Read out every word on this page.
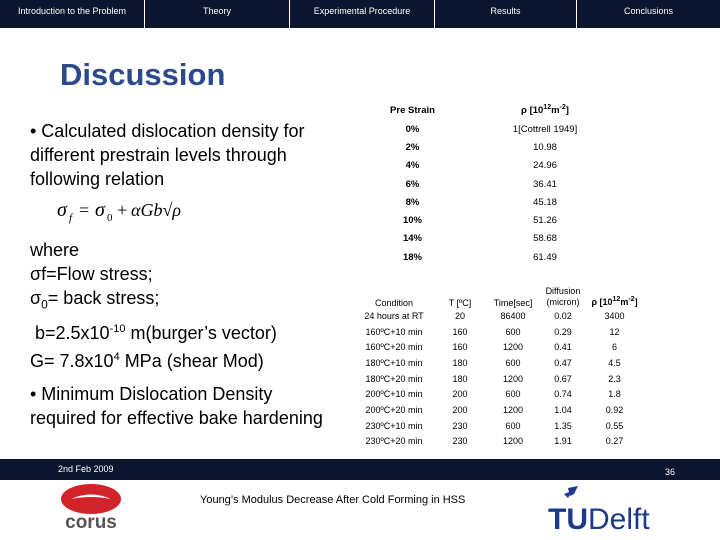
Introduction to the Problem	Theory	Experimental Procedure	Results	Conclusions
Discussion
• Calculated dislocation density for different prestrain levels through following relation
σ f = σ 0 + αGb√ρ
where
σf=Flow stress;
$\sigma_0=$ back stress;
$b=2.5x10^{-10}$ m(burger’s vector)
$G= 7.8x10^4$ MPa (shear Mod)
• Minimum Dislocation Density required for effective bake hardening
Pre Strain	ρ $[10^{12}m^{-2}]$
0%	1[Cottrell 1949]
2%	10.98
4%	24.96
6%	36.41
8%	45.18
10%	51.26
14%	58.68
18%	61.49
Condition	T [ºC]	Time[sec]	Diffusion (micron)	ρ $[10^{12}m^{-2}]$
24 hours at RT	20	86400	0.02	3400
160ºC+10 min	160	600	0.29	12
160ºC+20 min	160	1200	0.41	6
180ºC+10 min	180	600	0.47	4.5
180ºC+20 min	180	1200	0.67	2.3
200ºC+10 min	200	600	0.74	1.8
200ºC+20 min	200	1200	1.04	0.92
230ºC+10 min	230	600	1.35	0.55
230ºC+20 min	230	1200	1.91	0.27
2nd Feb 2009	36
Young’s Modulus Decrease After Cold Forming in HSS
corus	TUDelft
